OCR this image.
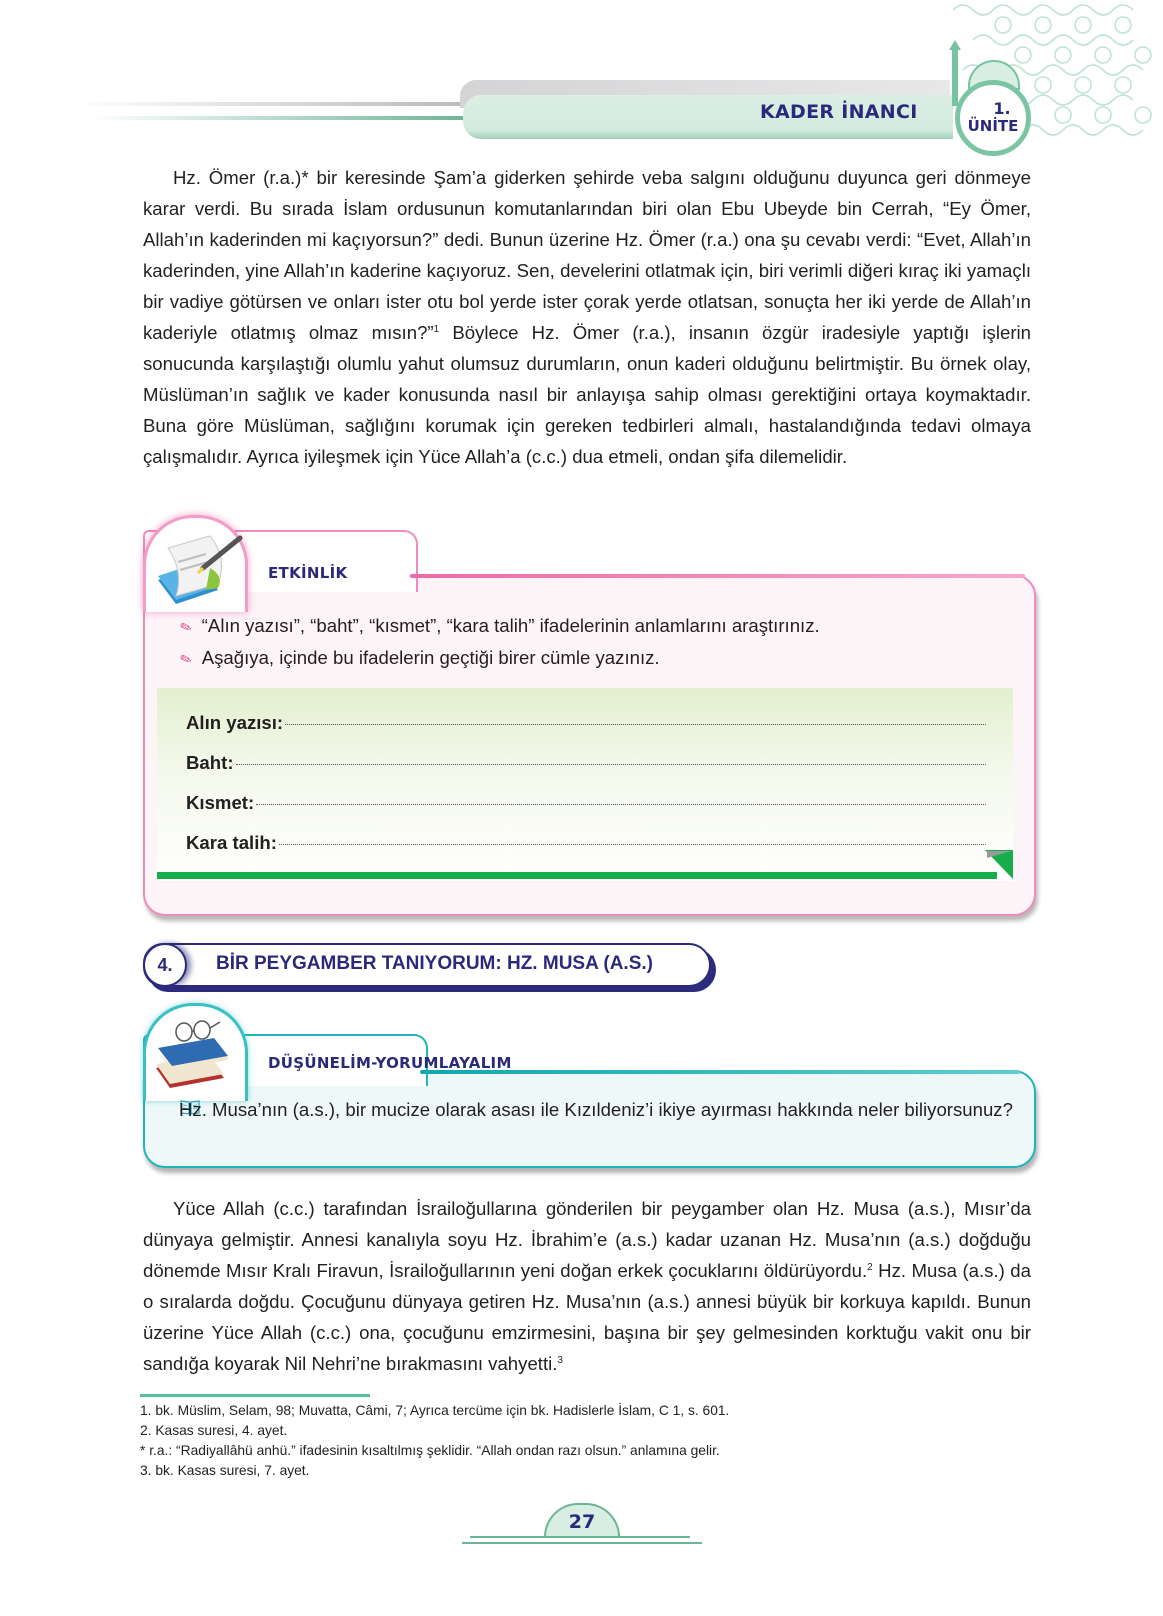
KADER İNANCI	1.
ÜNİTE

Hz. Ömer (r.a.)* bir keresinde Şam’a giderken şehirde veba salgını olduğunu duyunca geri dönmeye karar verdi. Bu sırada İslam ordusunun komutanlarından biri olan Ebu Ubeyde bin Cerrah, “Ey Ömer, Allah’ın kaderinden mi kaçıyorsun?” dedi. Bunun üzerine Hz. Ömer (r.a.) ona şu cevabı verdi: “Evet, Allah’ın kaderinden, yine Allah’ın kaderine kaçıyoruz. Sen, develerini otlatmak için, biri verimli diğeri kıraç iki yamaçlı bir vadiye götürsen ve onları ister otu bol yerde ister çorak yerde otlatsan, sonuçta her iki yerde de Allah’ın kaderiyle otlatmış olmaz mısın?”$^1$ Böylece Hz. Ömer (r.a.), insanın özgür iradesiyle yaptığı işlerin sonucunda karşılaştığı olumlu yahut olumsuz durumların, onun kaderi olduğunu belirtmiştir. Bu örnek olay, Müslüman’ın sağlık ve kader konusunda nasıl bir anlayışa sahip olması gerektiğini ortaya koymaktadır. Buna göre Müslüman, sağlığını korumak için gereken tedbirleri almalı, hastalandığında tedavi olmaya çalışmalıdır. Ayrıca iyileşmek için Yüce Allah’a (c.c.) dua etmeli, ondan şifa dilemelidir.

ETKİNLİK
✎ “Alın yazısı”, “baht”, “kısmet”, “kara talih” ifadelerinin anlamlarını araştırınız.
✎ Aşağıya, içinde bu ifadelerin geçtiği birer cümle yazınız.
Alın yazısı:
Baht:
Kısmet:
Kara talih:
4.	BİR PEYGAMBER TANIYORUM: HZ. MUSA (A.S.)
DÜŞÜNELİM-YORUMLAYALIM

Hz. Musa’nın (a.s.), bir mucize olarak asası ile Kızıldeniz’i ikiye ayırması hakkında neler biliyorsunuz?

Yüce Allah (c.c.) tarafından İsrailoğullarına gönderilen bir peygamber olan Hz. Musa (a.s.), Mısır’da dünyaya gelmiştir. Annesi kanalıyla soyu Hz. İbrahim’e (a.s.) kadar uzanan Hz. Musa’nın (a.s.) doğduğu dönemde Mısır Kralı Firavun, İsrailoğullarının yeni doğan erkek çocuklarını öldürüyordu.$^2$ Hz. Musa (a.s.) da o sıralarda doğdu. Çocuğunu dünyaya getiren Hz. Musa’nın (a.s.) annesi büyük bir korkuya kapıldı. Bunun üzerine Yüce Allah (c.c.) ona, çocuğunu emzirmesini, başına bir şey gelmesinden korktuğu vakit onu bir sandığa koyarak Nil Nehri’ne bırakmasını vahyetti.$^3$

1. bk. Müslim, Selam, 98; Muvatta, Câmi, 7; Ayrıca tercüme için bk. Hadislerle İslam, C 1, s. 601.
2. Kasas suresi, 4. ayet.
* r.a.: “Radiyallâhü anhü.” ifadesinin kısaltılmış şeklidir. “Allah ondan razı olsun.” anlamına gelir.
3. bk. Kasas suresi, 7. ayet.
27
